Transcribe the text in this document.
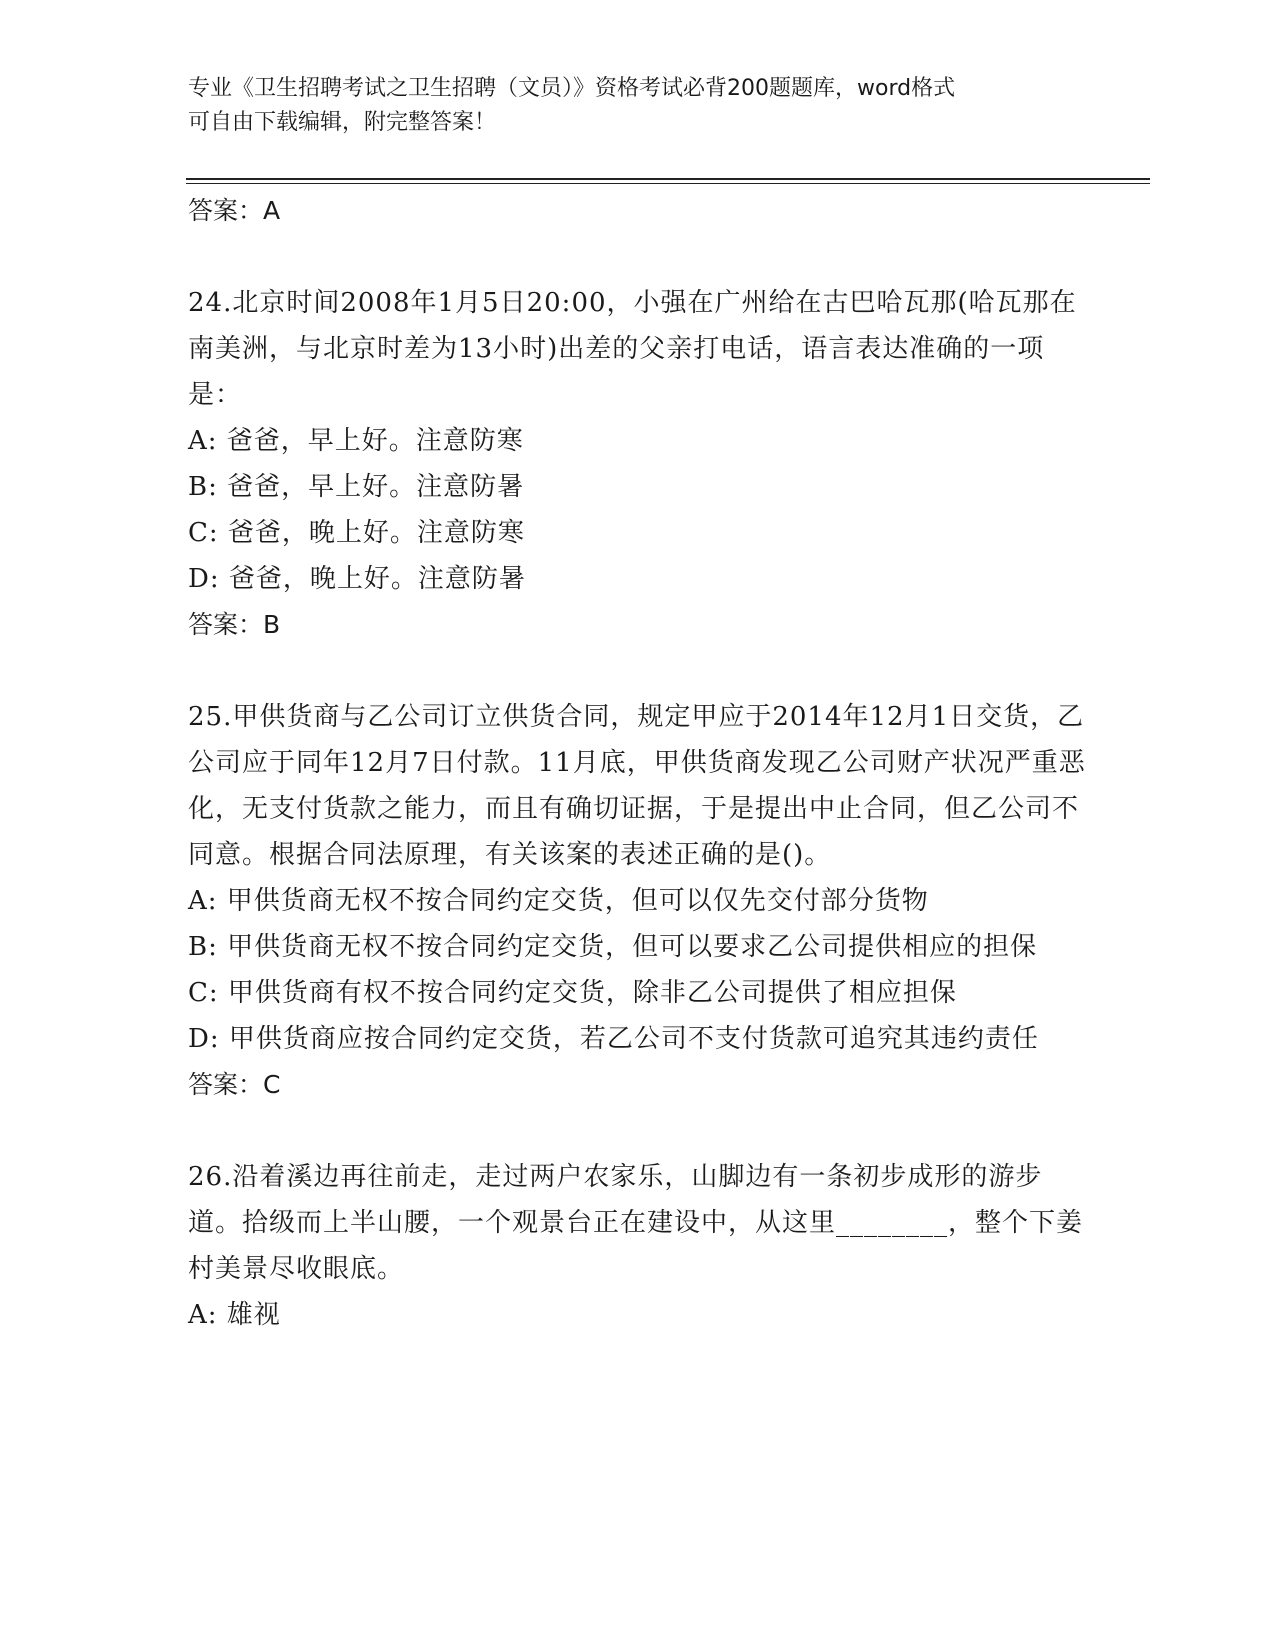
专业《卫生招聘考试之卫生招聘（文员）》资格考试必背200题题库，word格式
可自由下载编辑，附完整答案！

答案：A

24.北京时间2008年1月5日20:00，小强在广州给在古巴哈瓦那(哈瓦那在南美洲，与北京时差为13小时)出差的父亲打电话，语言表达准确的一项是：

A: 爸爸，早上好。注意防寒

B: 爸爸，早上好。注意防暑

C: 爸爸，晚上好。注意防寒

D: 爸爸，晚上好。注意防暑

答案：B

25.甲供货商与乙公司订立供货合同，规定甲应于2014年12月1日交货，乙公司应于同年12月7日付款。11月底，甲供货商发现乙公司财产状况严重恶化，无支付货款之能力，而且有确切证据，于是提出中止合同，但乙公司不同意。根据合同法原理，有关该案的表述正确的是()。

A: 甲供货商无权不按合同约定交货，但可以仅先交付部分货物

B: 甲供货商无权不按合同约定交货，但可以要求乙公司提供相应的担保

C: 甲供货商有权不按合同约定交货，除非乙公司提供了相应担保

D: 甲供货商应按合同约定交货，若乙公司不支付货款可追究其违约责任

答案：C

26.沿着溪边再往前走，走过两户农家乐，山脚边有一条初步成形的游步道。拾级而上半山腰，一个观景台正在建设中，从这里________，整个下姜村美景尽收眼底。

A: 雄视
